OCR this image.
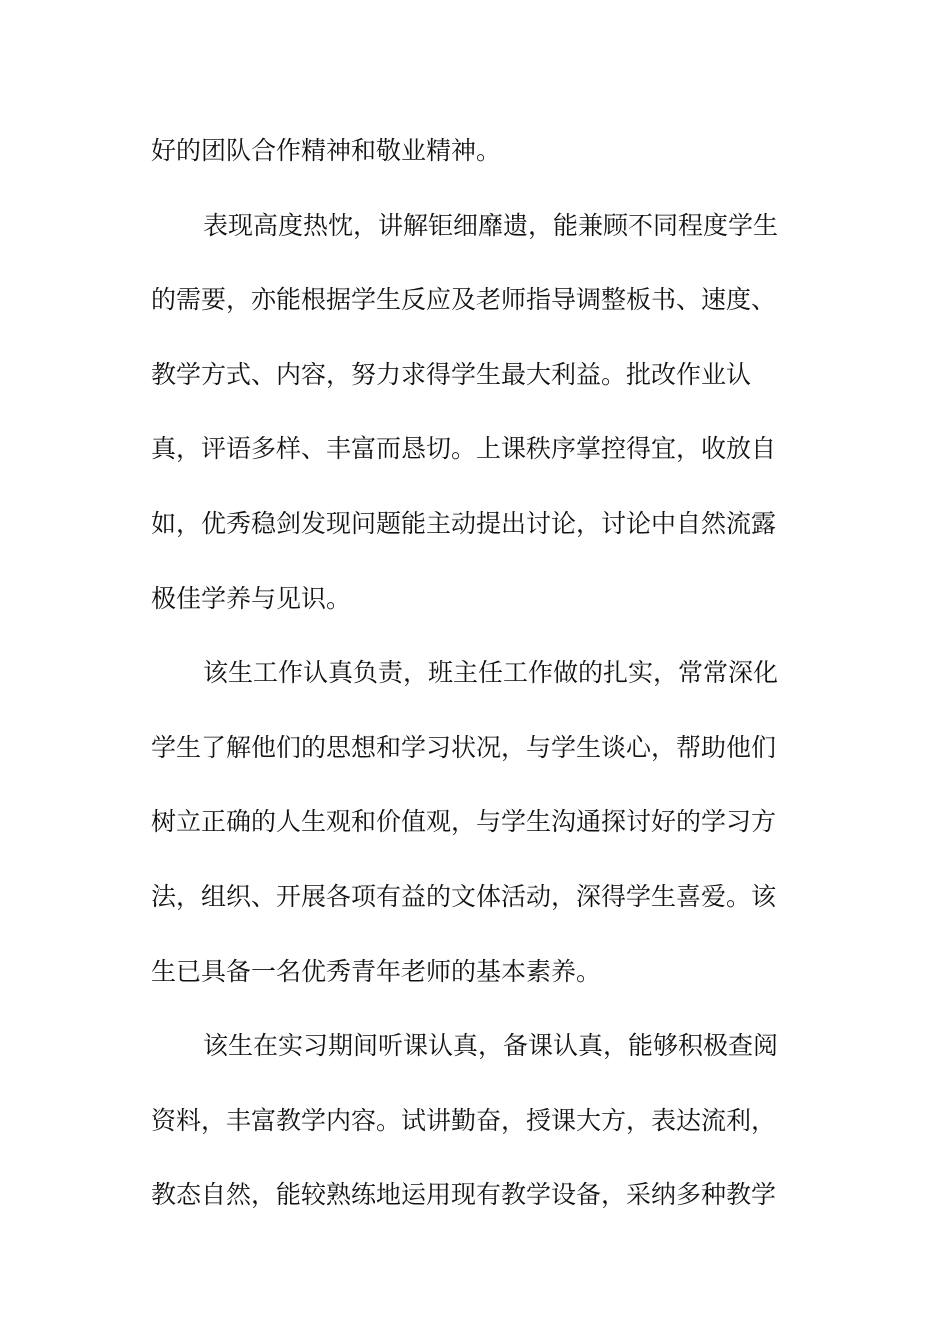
好的团队合作精神和敬业精神。
表现高度热忱，讲解钜细靡遗，能兼顾不同程度学生
的需要，亦能根据学生反应及老师指导调整板书、速度、
教学方式、内容，努力求得学生最大利益。批改作业认
真，评语多样、丰富而恳切。上课秩序掌控得宜，收放自
如，优秀稳剑发现问题能主动提出讨论，讨论中自然流露
极佳学养与见识。
该生工作认真负责，班主任工作做的扎实，常常深化
学生了解他们的思想和学习状况，与学生谈心，帮助他们
树立正确的人生观和价值观，与学生沟通探讨好的学习方
法，组织、开展各项有益的文体活动，深得学生喜爱。该
生已具备一名优秀青年老师的基本素养。
该生在实习期间听课认真，备课认真，能够积极查阅
资料，丰富教学内容。试讲勤奋，授课大方，表达流利，
教态自然，能较熟练地运用现有教学设备，采纳多种教学
